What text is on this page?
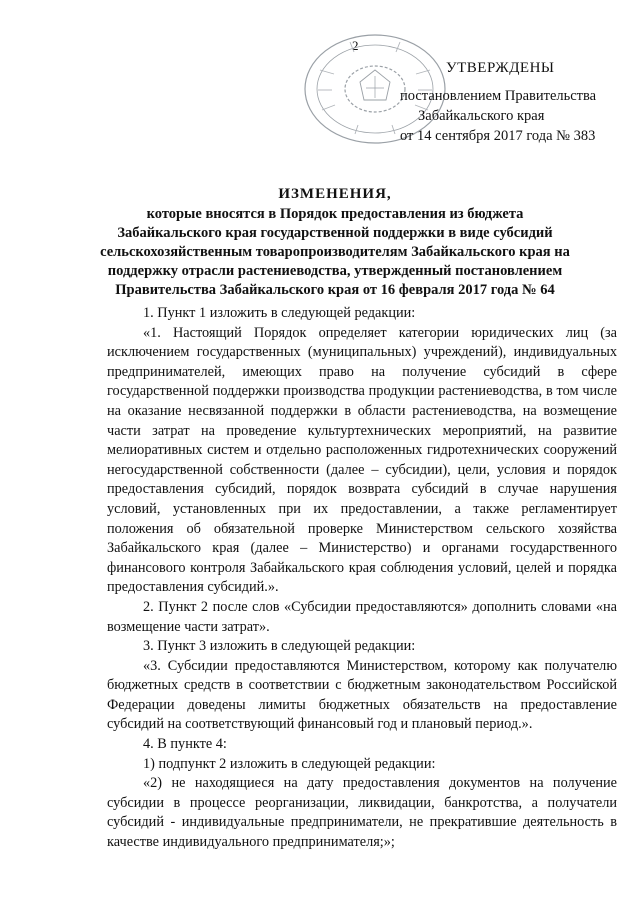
2
УТВЕРЖДЕНЫ
постановлением Правительства
Забайкальского края
от 14 сентября 2017 года № 383
ИЗМЕНЕНИЯ,
которые вносятся в Порядок предоставления из бюджета
Забайкальского края государственной поддержки в виде субсидий
сельскохозяйственным товаропроизводителям Забайкальского края на
поддержку отрасли растениеводства, утвержденный постановлением
Правительства Забайкальского края от 16 февраля 2017 года № 64

1. Пункт 1 изложить в следующей редакции:

«1. Настоящий Порядок определяет категории юридических лиц (за исключением государственных (муниципальных) учреждений), индивидуальных предпринимателей, имеющих право на получение субсидий в сфере государственной поддержки производства продукции растениеводства, в том числе на оказание несвязанной поддержки в области растениеводства, на возмещение части затрат на проведение культуртехнических мероприятий, на развитие мелиоративных систем и отдельно расположенных гидротехнических сооружений негосударственной собственности (далее – субсидии), цели, условия и порядок предоставления субсидий, порядок возврата субсидий в случае нарушения условий, установленных при их предоставлении, а также регламентирует положения об обязательной проверке Министерством сельского хозяйства Забайкальского края (далее – Министерство) и органами государственного финансового контроля Забайкальского края соблюдения условий, целей и порядка предоставления субсидий.».

2. Пункт 2 после слов «Субсидии предоставляются» дополнить словами «на возмещение части затрат».

3. Пункт 3 изложить в следующей редакции:

«3. Субсидии предоставляются Министерством, которому как получателю бюджетных средств в соответствии с бюджетным законодательством Российской Федерации доведены лимиты бюджетных обязательств на предоставление субсидий на соответствующий финансовый год и плановый период.».

4. В пункте 4:

1) подпункт 2 изложить в следующей редакции:

«2) не находящиеся на дату предоставления документов на получение субсидии в процессе реорганизации, ликвидации, банкротства, а получатели субсидий - индивидуальные предприниматели, не прекратившие деятельность в качестве индивидуального предпринимателя;»;
